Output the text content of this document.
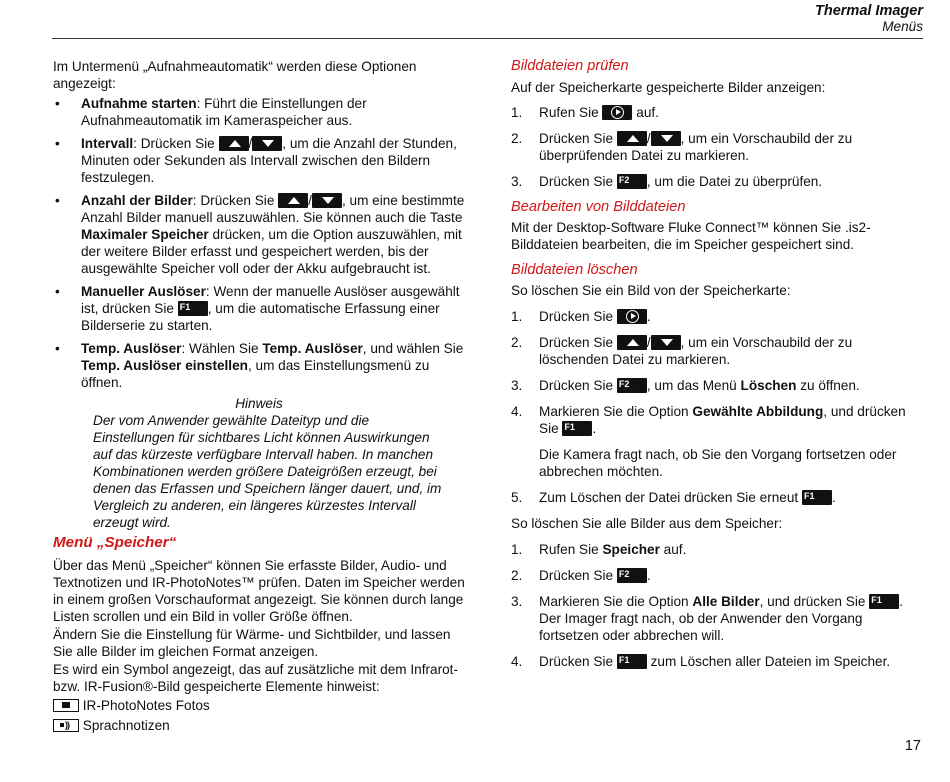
Thermal Imager
Menüs

Im Untermenü „Aufnahmeautomatik“ werden diese Optionen angezeigt:

• Aufnahme starten: Führt die Einstellungen der Aufnahmeautomatik im Kameraspeicher aus.
• Intervall: Drücken Sie / , um die Anzahl der Stunden, Minuten oder Sekunden als Intervall zwischen den Bildern festzulegen.
• Anzahl der Bilder: Drücken Sie / , um eine bestimmte Anzahl Bilder manuell auszuwählen. Sie können auch die Taste Maximaler Speicher drücken, um die Option auszuwählen, mit der weitere Bilder erfasst und gespeichert werden, bis der ausgewählte Speicher voll oder der Akku aufgebraucht ist.
• Manueller Auslöser: Wenn der manuelle Auslöser ausgewählt ist, drücken Sie F1 , um die automatische Erfassung einer Bilderserie zu starten.
• Temp. Auslöser: Wählen Sie Temp. Auslöser, und wählen Sie Temp. Auslöser einstellen, um das Einstellungsmenü zu öffnen.

Hinweis

Der vom Anwender gewählte Dateityp und die Einstellungen für sichtbares Licht können Auswirkungen auf das kürzeste verfügbare Intervall haben. In manchen Kombinationen werden größere Dateigrößen erzeugt, bei denen das Erfassen und Speichern länger dauert, und, im Vergleich zu anderen, ein längeres kürzestes Intervall erzeugt wird.

Menü „Speicher“

Über das Menü „Speicher“ können Sie erfasste Bilder, Audio- und Textnotizen und IR-PhotoNotes™ prüfen. Daten im Speicher werden in einem großen Vorschauformat angezeigt. Sie können durch lange Listen scrollen und ein Bild in voller Größe öffnen.

Ändern Sie die Einstellung für Wärme- und Sichtbilder, und lassen Sie alle Bilder im gleichen Format anzeigen.

Es wird ein Symbol angezeigt, das auf zusätzliche mit dem Infrarot- bzw. IR-Fusion®-Bild gespeicherte Elemente hinweist:

IR-PhotoNotes Fotos

)) Sprachnotizen

Bilddateien prüfen

Auf der Speicherkarte gespeicherte Bilder anzeigen:

1. Rufen Sie  auf.
2. Drücken Sie / , um ein Vorschaubild der zu überprüfenden Datei zu markieren.
3. Drücken Sie F2 , um die Datei zu überprüfen.

Bearbeiten von Bilddateien

Mit der Desktop-Software Fluke Connect™ können Sie .is2-Bilddateien bearbeiten, die im Speicher gespeichert sind.

Bilddateien löschen

So löschen Sie ein Bild von der Speicherkarte:

1. Drücken Sie .
2. Drücken Sie / , um ein Vorschaubild der zu löschenden Datei zu markieren.
3. Drücken Sie F2 , um das Menü Löschen zu öffnen.
4. Markieren Sie die Option Gewählte Abbildung, und drücken Sie F1 .

Die Kamera fragt nach, ob Sie den Vorgang fortsetzen oder abbrechen möchten.

5. Zum Löschen der Datei drücken Sie erneut F1 .

So löschen Sie alle Bilder aus dem Speicher:

1. Rufen Sie Speicher auf.
2. Drücken Sie F2 .
3. Markieren Sie die Option Alle Bilder, und drücken Sie F1 . Der Imager fragt nach, ob der Anwender den Vorgang fortsetzen oder abbrechen will.
4. Drücken Sie F1 zum Löschen aller Dateien im Speicher.
17
